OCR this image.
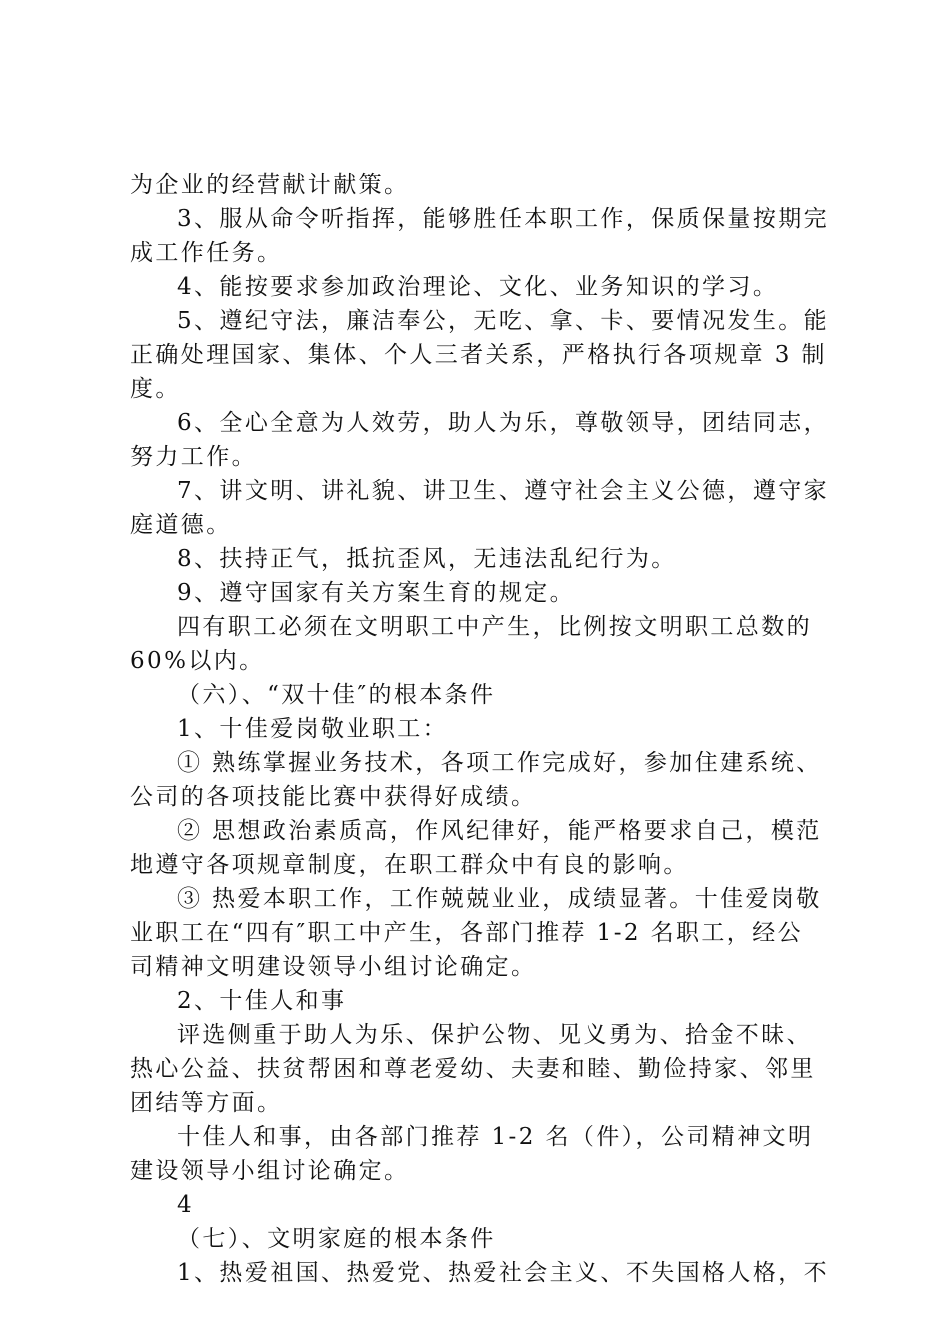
为企业的经营献计献策。
3、服从命令听指挥，能够胜任本职工作，保质保量按期完
成工作任务。
4、能按要求参加政治理论、文化、业务知识的学习。
5、遵纪守法，廉洁奉公，无吃、拿、卡、要情况发生。能
正确处理国家、集体、个人三者关系，严格执行各项规章 3 制
度。
6、全心全意为人效劳，助人为乐，尊敬领导，团结同志，
努力工作。
7、讲文明、讲礼貌、讲卫生、遵守社会主义公德，遵守家
庭道德。
8、扶持正气，抵抗歪风，无违法乱纪行为。
9、遵守国家有关方案生育的规定。
四有职工必须在文明职工中产生，比例按文明职工总数的
60%以内。
（六）、“双十佳″的根本条件
1、十佳爱岗敬业职工：
① 熟练掌握业务技术，各项工作完成好，参加住建系统、
公司的各项技能比赛中获得好成绩。
② 思想政治素质高，作风纪律好，能严格要求自己，模范
地遵守各项规章制度，在职工群众中有良的影响。
③ 热爱本职工作，工作兢兢业业，成绩显著。十佳爱岗敬
业职工在“四有″职工中产生，各部门推荐 1-2 名职工，经公
司精神文明建设领导小组讨论确定。
2、十佳人和事
评选侧重于助人为乐、保护公物、见义勇为、拾金不昧、
热心公益、扶贫帮困和尊老爱幼、夫妻和睦、勤俭持家、邻里
团结等方面。
十佳人和事，由各部门推荐 1-2 名（件），公司精神文明
建设领导小组讨论确定。
4
（七）、文明家庭的根本条件
1、热爱祖国、热爱党、热爱社会主义、不失国格人格，不
